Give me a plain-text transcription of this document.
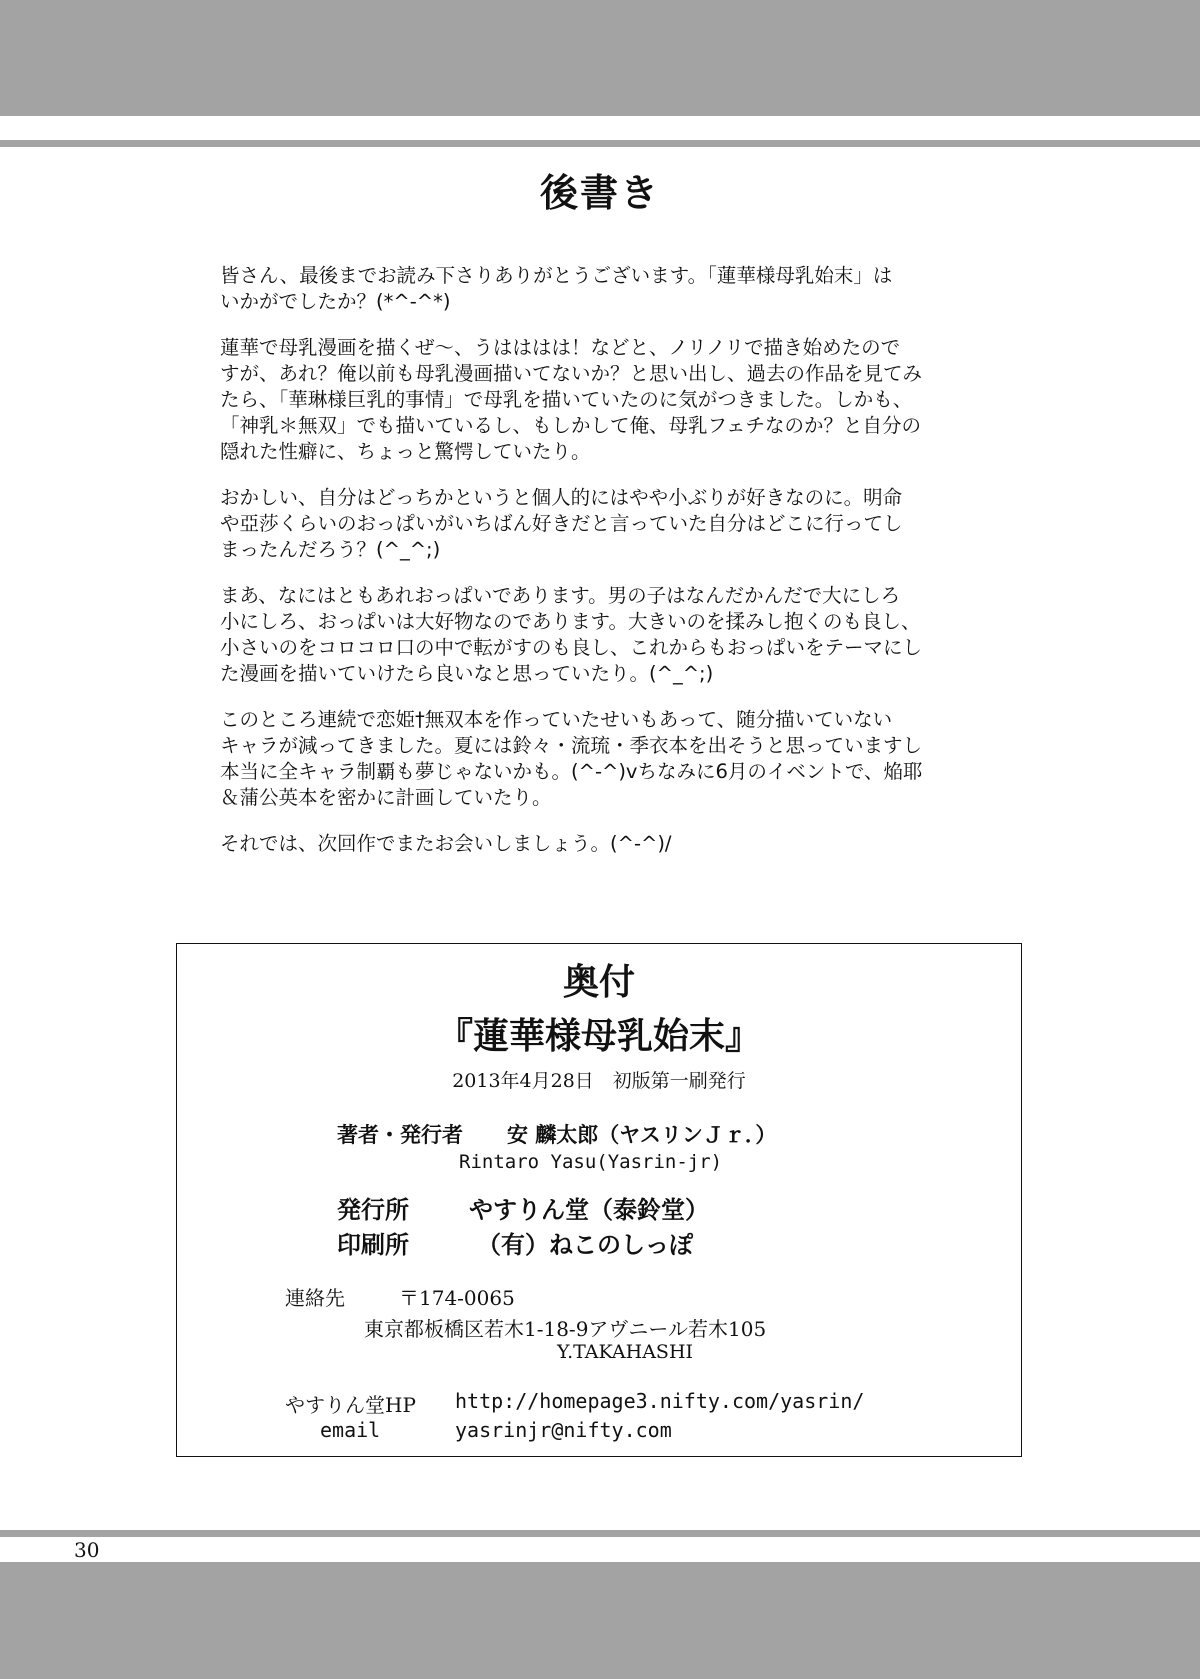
後書き

皆さん、最後までお読み下さりありがとうございます。「蓮華様母乳始末」は
いかがでしたか？(*^-^*)

蓮華で母乳漫画を描くぜ〜、うはははは！などと、ノリノリで描き始めたので
すが、あれ？俺以前も母乳漫画描いてないか？と思い出し、過去の作品を見てみ
たら、「華琳様巨乳的事情」で母乳を描いていたのに気がつきました。しかも、
「神乳＊無双」でも描いているし、もしかして俺、母乳フェチなのか？と自分の
隠れた性癖に、ちょっと驚愕していたり。

おかしい、自分はどっちかというと個人的にはやや小ぶりが好きなのに。明命
や亞莎くらいのおっぱいがいちばん好きだと言っていた自分はどこに行ってし
まったんだろう？(^_^;)

まあ、なにはともあれおっぱいであります。男の子はなんだかんだで大にしろ
小にしろ、おっぱいは大好物なのであります。大きいのを揉みし抱くのも良し、
小さいのをコロコロ口の中で転がすのも良し、これからもおっぱいをテーマにし
た漫画を描いていけたら良いなと思っていたり。(^_^;)

このところ連続で恋姫†無双本を作っていたせいもあって、随分描いていない
キャラが減ってきました。夏には鈴々・流琉・季衣本を出そうと思っていますし
本当に全キャラ制覇も夢じゃないかも。(^-^)vちなみに6月のイベントで、焔耶
＆蒲公英本を密かに計画していたり。

それでは、次回作でまたお会いしましょう。(^-^)/

奥付
『蓮華様母乳始末』
2013年4月28日　初版第一刷発行
著者・発行者 安 麟太郎（ヤスリンＪｒ．）
Rintaro Yasu(Yasrin-jr)
発行所	やすりん堂（泰鈴堂）
印刷所	（有）ねこのしっぽ
連絡先	〒174-0065
東京都板橋区若木1-18-9アヴニール若木105
Y.TAKAHASHI
やすりん堂HP http://homepage3.nifty.com/yasrin/
email	yasrinjr@nifty.com
30
